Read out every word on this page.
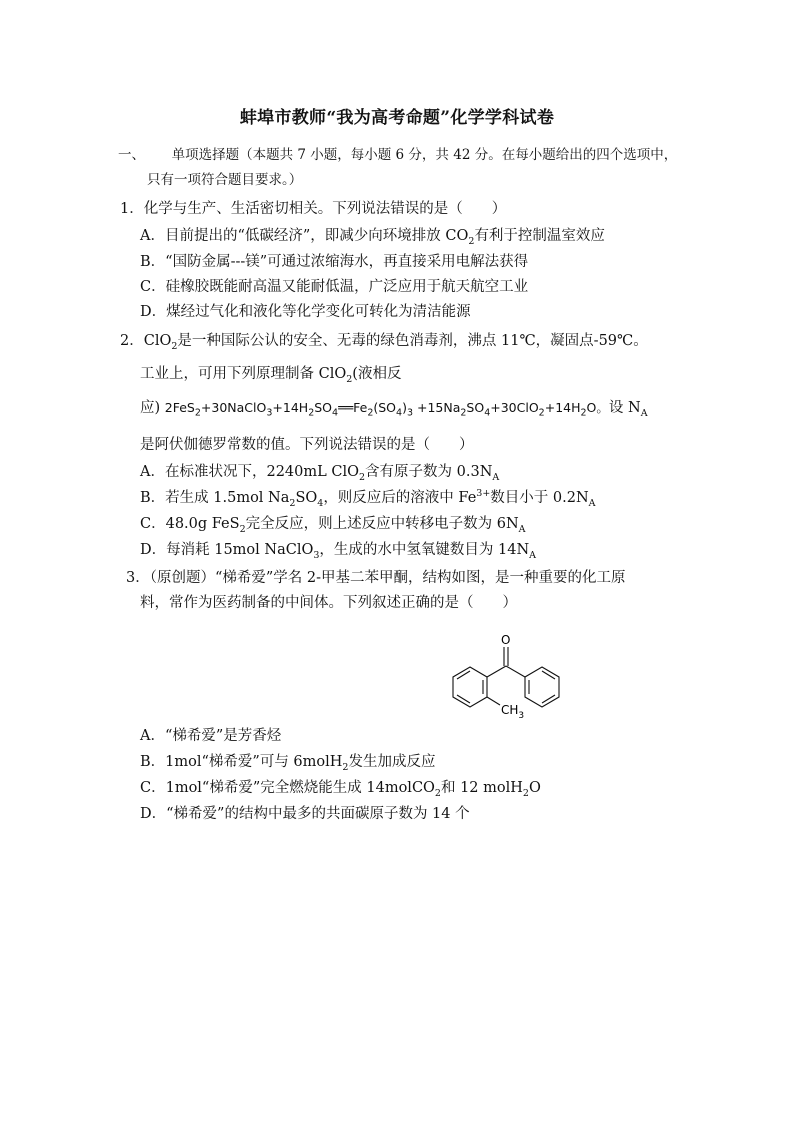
蚌埠市教师“我为高考命题”化学学科试卷
一、 单项选择题（本题共 7 小题，每小题 6 分，共 42 分。在每小题给出的四个选项中，
只有一项符合题目要求。）
1．化学与生产、生活密切相关。下列说法错误的是（　　）
A．目前提出的“低碳经济”，即减少向环境排放 $CO_2$有利于控制温室效应
B．“国防金属---镁”可通过浓缩海水，再直接采用电解法获得
C．硅橡胶既能耐高温又能耐低温，广泛应用于航天航空工业
D．煤经过气化和液化等化学变化可转化为清洁能源
2．ClO$_2$是一种国际公认的安全、无毒的绿色消毒剂，沸点 11℃，凝固点-59℃。
工业上，可用下列原理制备 ClO$_2$(液相反
应) $2FeS_2+30NaClO_3+14H_2SO_4══Fe_2(SO_4)_3 +15Na_2SO_4+30ClO_2+14H_2O$。设 $N_A$
是阿伏伽德罗常数的值。下列说法错误的是（　　）
A．在标准状况下，2240mL ClO$_2$含有原子数为 $0.3N_A$
B．若生成 1.5mol $Na_2SO_4$，则反应后的溶液中 $Fe^{3+}$数目小于 $0.2N_A$
C．48.0g FeS$_2$完全反应，则上述反应中转移电子数为 $6N_A$
D．每消耗 15mol NaClO$_3$，生成的水中氢氧键数目为 $14N_A$
3．（原创题）“梯希爱”学名 2-甲基二苯甲酮，结构如图，是一种重要的化工原
料，常作为医药制备的中间体。下列叙述正确的是（　　）
O
$CH_3$
A．“梯希爱”是芳香烃
B．1mol“梯希爱”可与 6molH$_2$发生加成反应
C．1mol“梯希爱”完全燃烧能生成 14molCO$_2$和 12 molH$_2$O
D．“梯希爱”的结构中最多的共面碳原子数为 14 个
